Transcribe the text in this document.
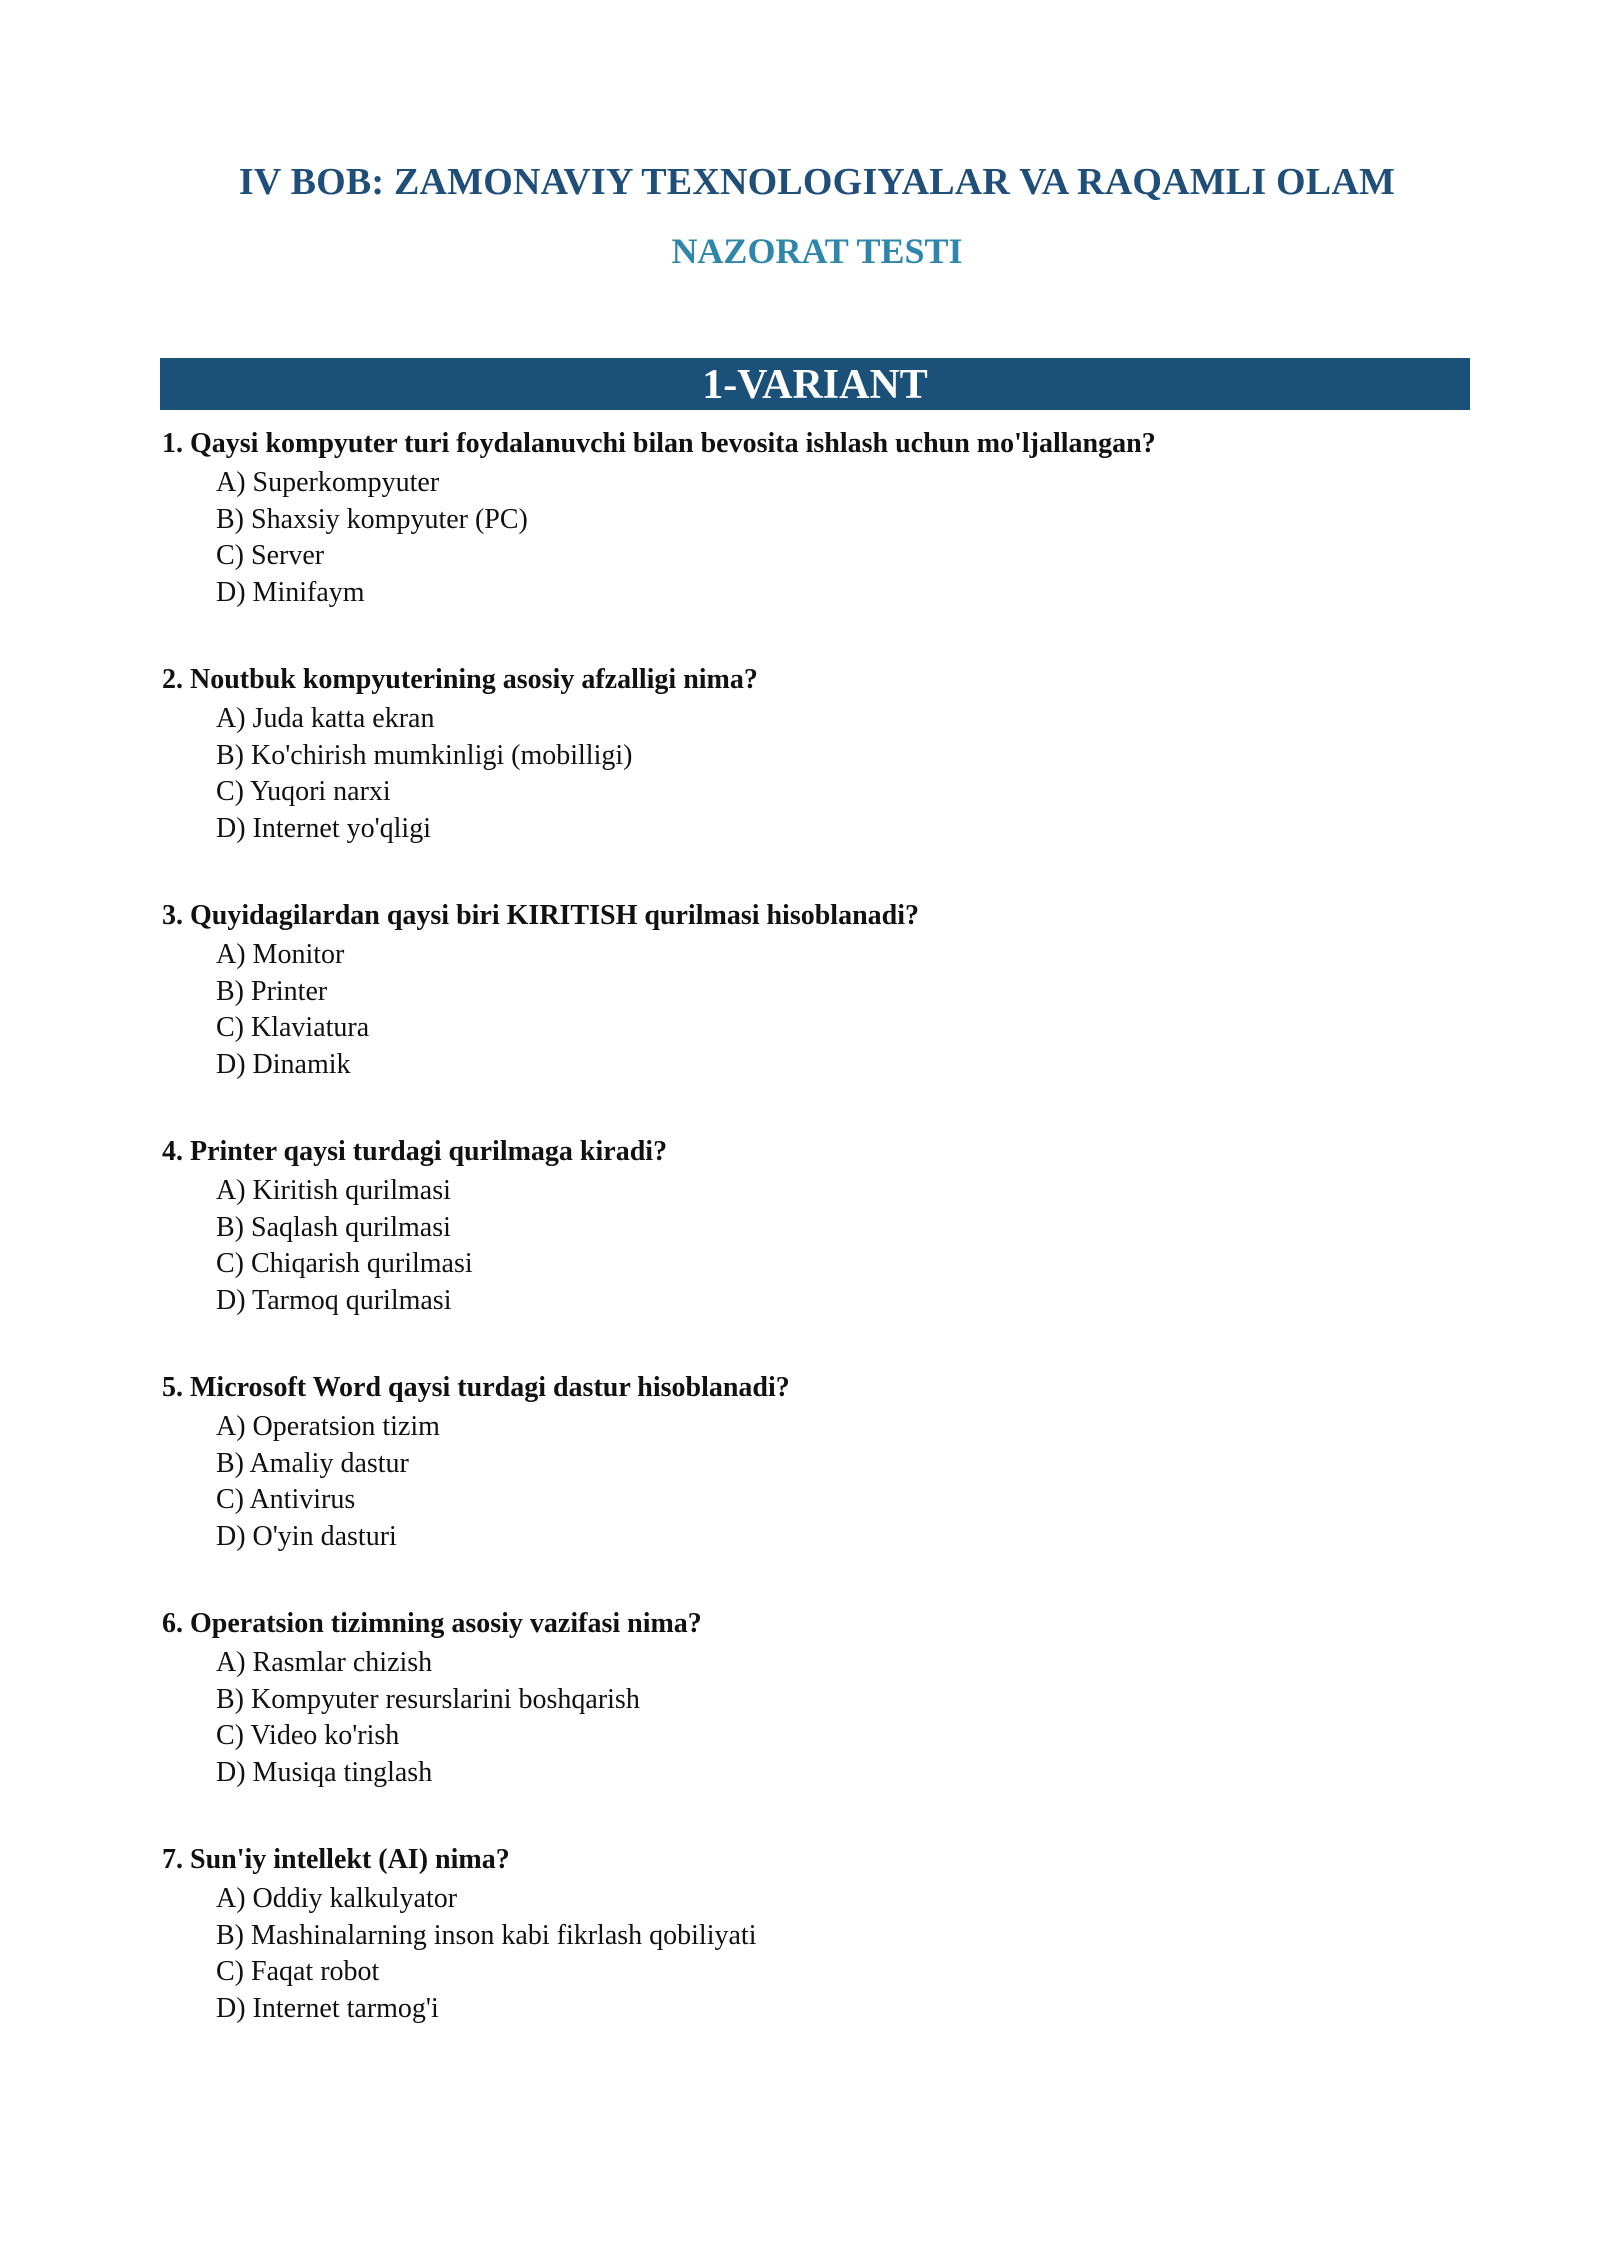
IV BOB: ZAMONAVIY TEXNOLOGIYALAR VA RAQAMLI OLAM
NAZORAT TESTI
1-VARIANT
1. Qaysi kompyuter turi foydalanuvchi bilan bevosita ishlash uchun mo'ljallangan?
A) Superkompyuter
B) Shaxsiy kompyuter (PC)
C) Server
D) Minifaym
2. Noutbuk kompyuterining asosiy afzalligi nima?
A) Juda katta ekran
B) Ko'chirish mumkinligi (mobilligi)
C) Yuqori narxi
D) Internet yo'qligi
3. Quyidagilardan qaysi biri KIRITISH qurilmasi hisoblanadi?
A) Monitor
B) Printer
C) Klaviatura
D) Dinamik
4. Printer qaysi turdagi qurilmaga kiradi?
A) Kiritish qurilmasi
B) Saqlash qurilmasi
C) Chiqarish qurilmasi
D) Tarmoq qurilmasi
5. Microsoft Word qaysi turdagi dastur hisoblanadi?
A) Operatsion tizim
B) Amaliy dastur
C) Antivirus
D) O'yin dasturi
6. Operatsion tizimning asosiy vazifasi nima?
A) Rasmlar chizish
B) Kompyuter resurslarini boshqarish
C) Video ko'rish
D) Musiqa tinglash
7. Sun'iy intellekt (AI) nima?
A) Oddiy kalkulyator
B) Mashinalarning inson kabi fikrlash qobiliyati
C) Faqat robot
D) Internet tarmog'i
